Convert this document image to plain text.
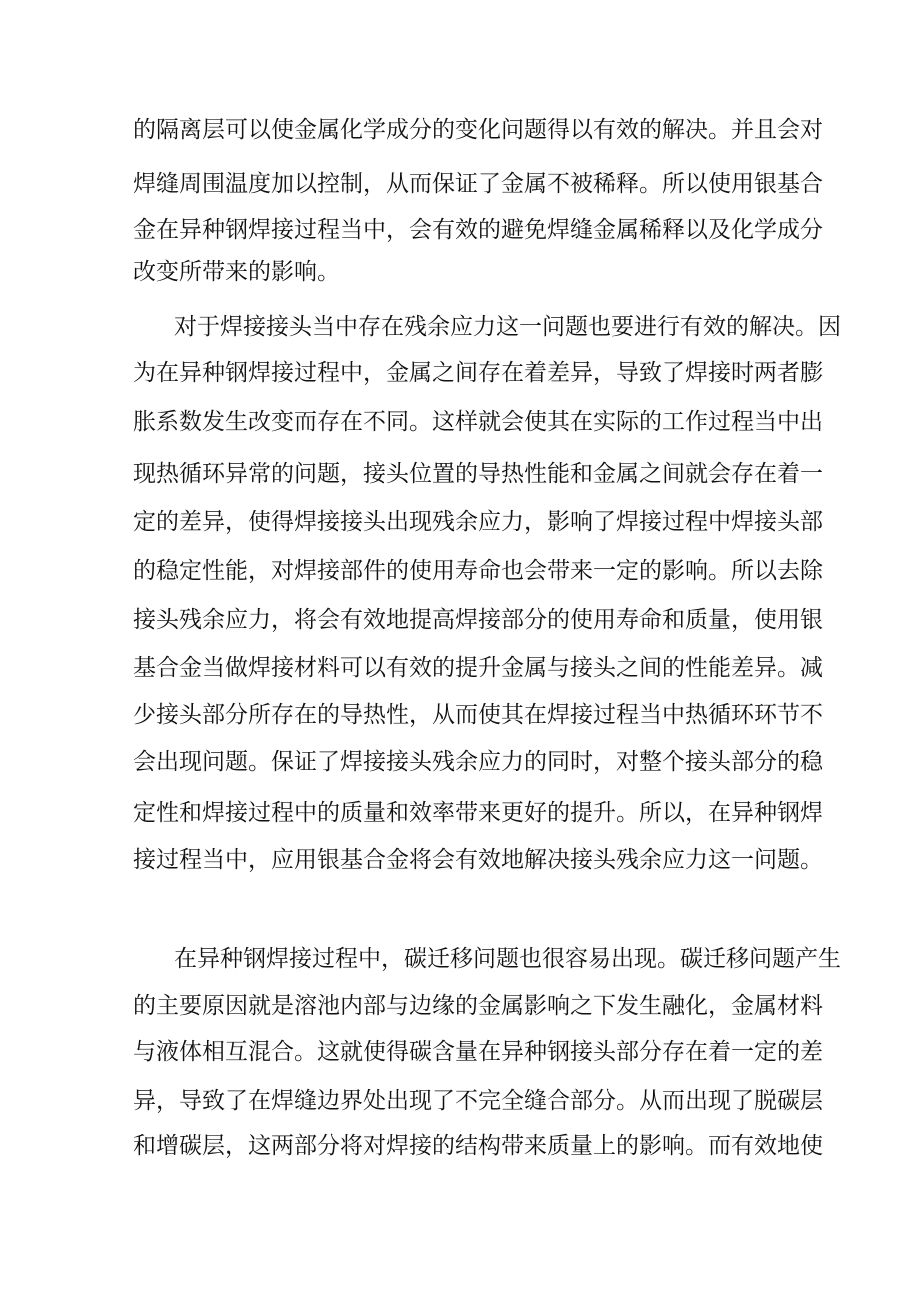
的隔离层可以使金属化学成分的变化问题得以有效的解决。并且会对
焊缝周围温度加以控制，从而保证了金属不被稀释。所以使用银基合
金在异种钢焊接过程当中，会有效的避免焊缝金属稀释以及化学成分
改变所带来的影响。
对于焊接接头当中存在残余应力这一问题也要进行有效的解决。因
为在异种钢焊接过程中，金属之间存在着差异，导致了焊接时两者膨
胀系数发生改变而存在不同。这样就会使其在实际的工作过程当中出
现热循环异常的问题，接头位置的导热性能和金属之间就会存在着一
定的差异，使得焊接接头出现残余应力，影响了焊接过程中焊接头部
的稳定性能，对焊接部件的使用寿命也会带来一定的影响。所以去除
接头残余应力，将会有效地提高焊接部分的使用寿命和质量，使用银
基合金当做焊接材料可以有效的提升金属与接头之间的性能差异。减
少接头部分所存在的导热性，从而使其在焊接过程当中热循环环节不
会出现问题。保证了焊接接头残余应力的同时，对整个接头部分的稳
定性和焊接过程中的质量和效率带来更好的提升。所以，在异种钢焊
接过程当中，应用银基合金将会有效地解决接头残余应力这一问题。
在异种钢焊接过程中，碳迁移问题也很容易出现。碳迁移问题产生
的主要原因就是溶池内部与边缘的金属影响之下发生融化，金属材料
与液体相互混合。这就使得碳含量在异种钢接头部分存在着一定的差
异，导致了在焊缝边界处出现了不完全缝合部分。从而出现了脱碳层
和增碳层，这两部分将对焊接的结构带来质量上的影响。而有效地使
